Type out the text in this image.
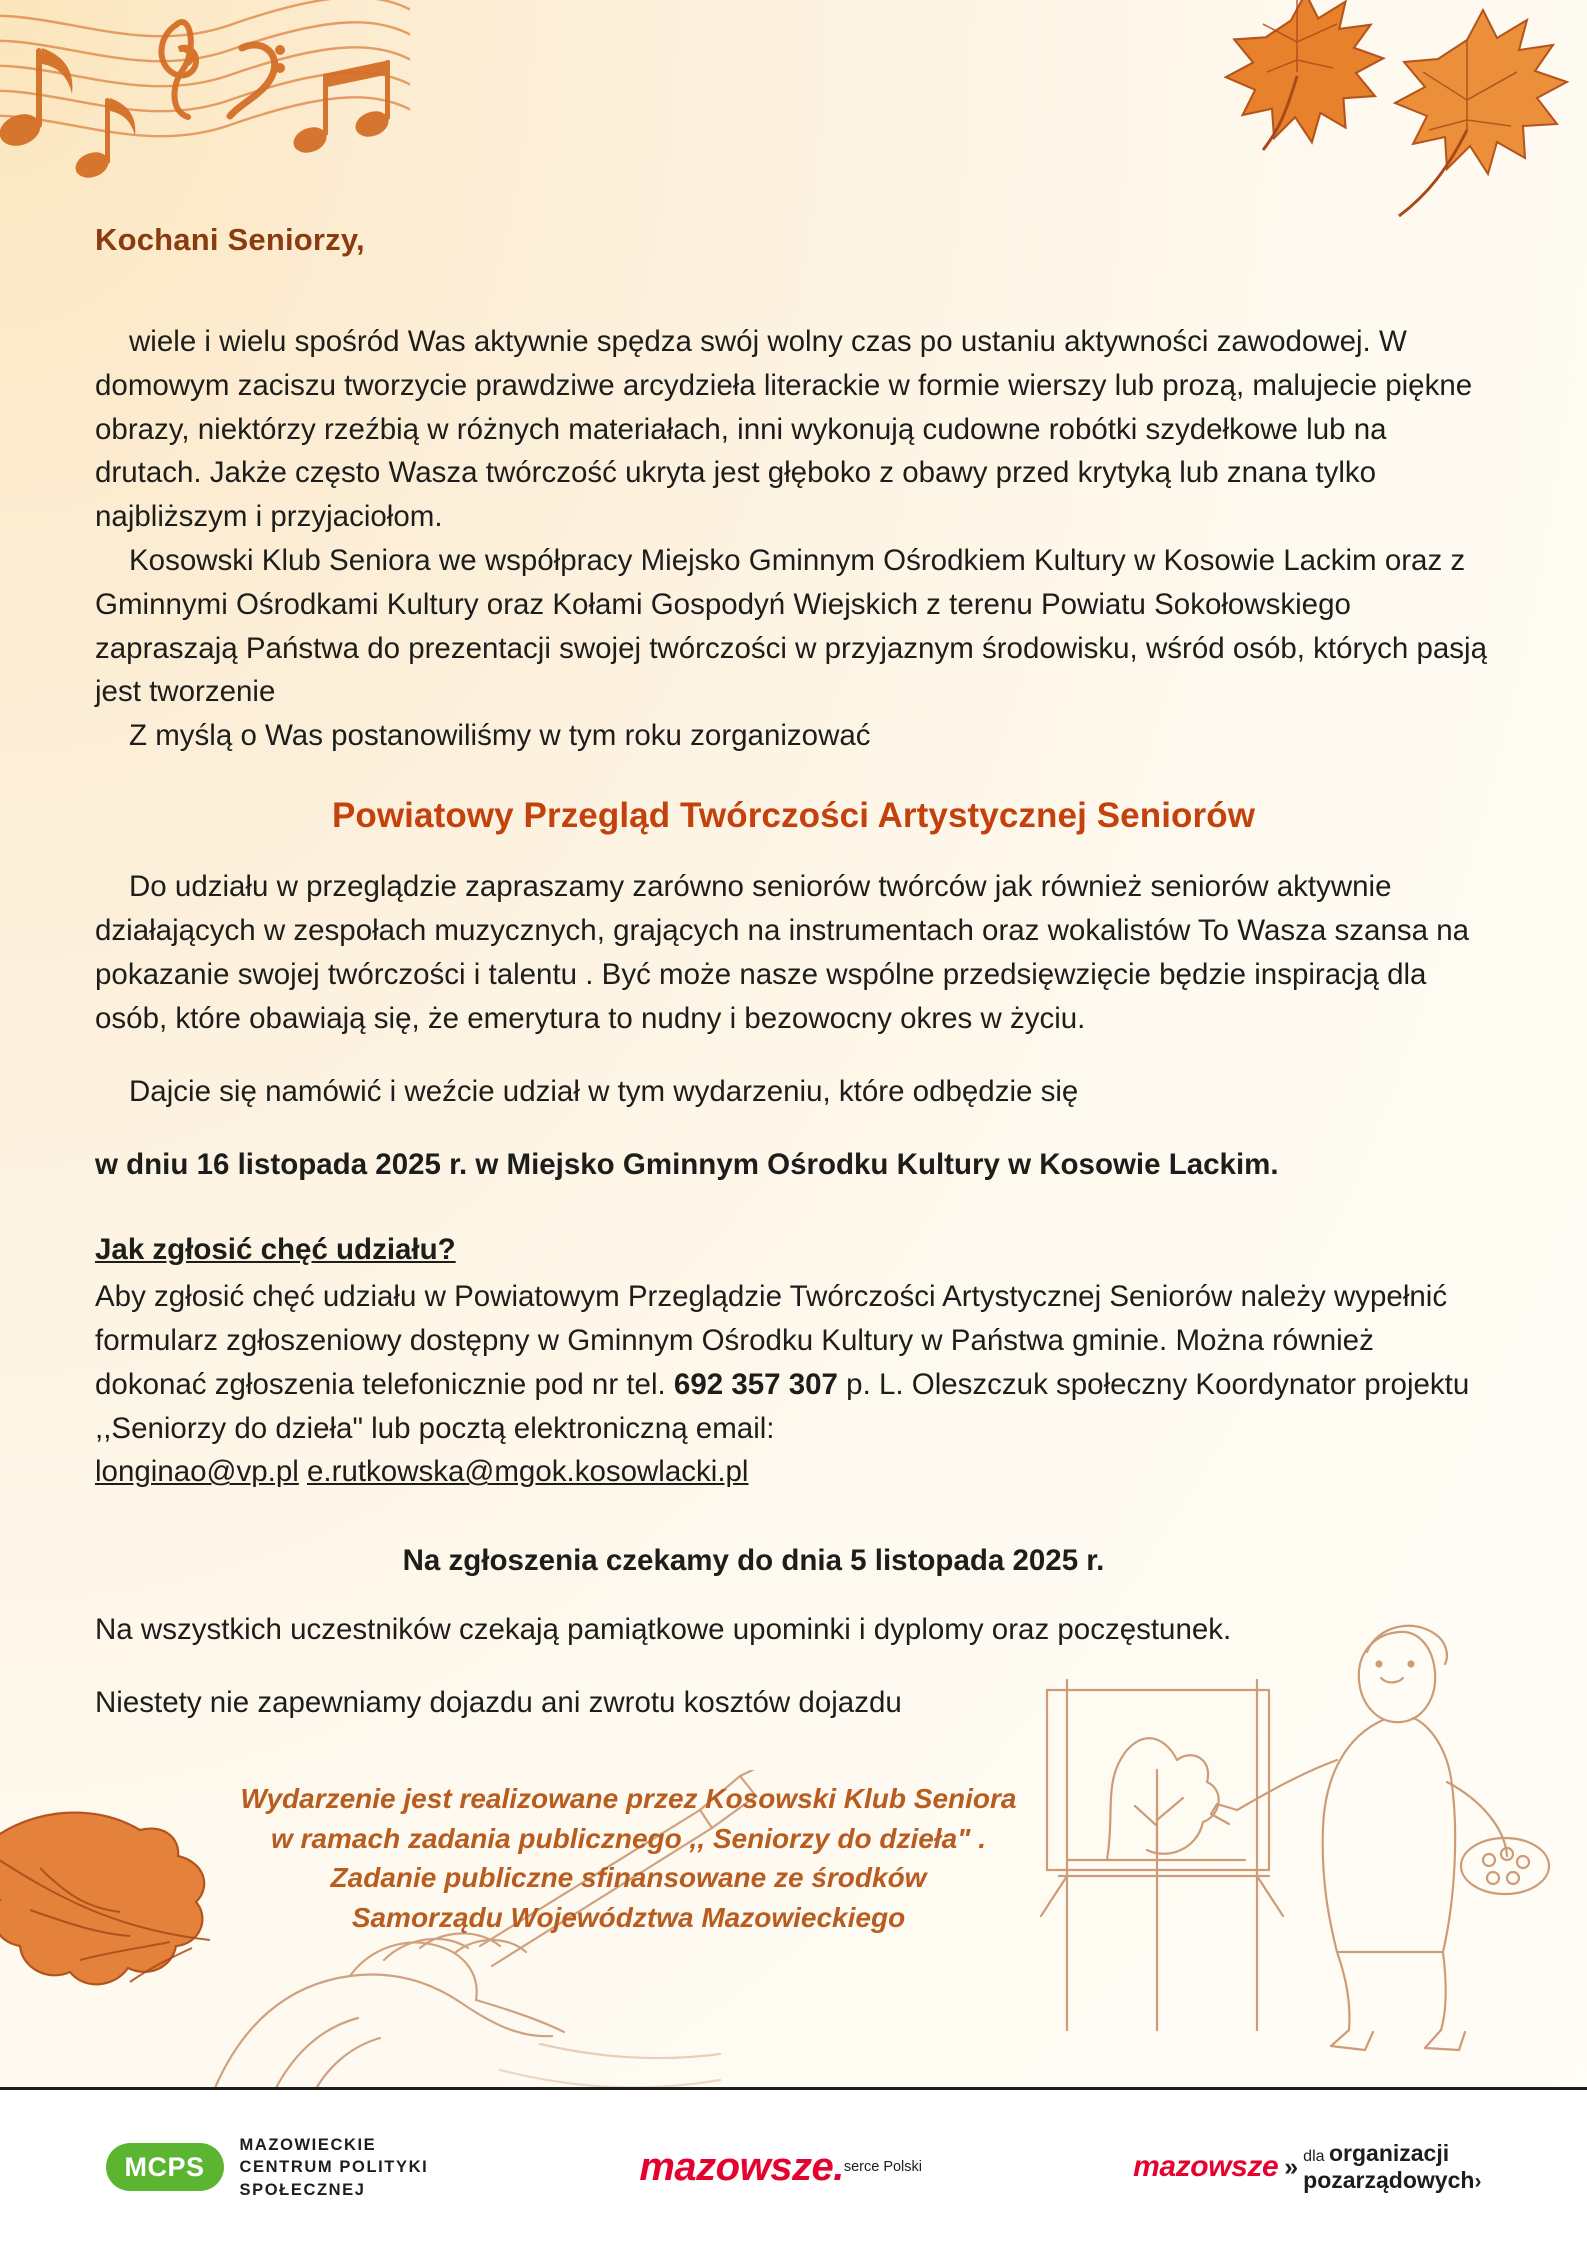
Kochani Seniorzy,

wiele i wielu spośród Was aktywnie spędza swój wolny czas po ustaniu aktywności zawodowej. W domowym zaciszu tworzycie prawdziwe arcydzieła literackie w formie wierszy lub prozą, malujecie piękne obrazy, niektórzy rzeźbią w różnych materiałach, inni wykonują cudowne robótki szydełkowe lub na drutach. Jakże często Wasza twórczość ukryta jest głęboko z obawy przed krytyką lub znana tylko najbliższym i przyjaciołom.

Kosowski Klub Seniora we współpracy Miejsko Gminnym Ośrodkiem Kultury w Kosowie Lackim oraz z Gminnymi Ośrodkami Kultury oraz Kołami Gospodyń Wiejskich z terenu Powiatu Sokołowskiego zapraszają Państwa do prezentacji swojej twórczości w przyjaznym środowisku, wśród osób, których pasją jest tworzenie

Z myślą o Was postanowiliśmy w tym roku zorganizować

Powiatowy Przegląd Twórczości Artystycznej Seniorów

Do udziału w przeglądzie zapraszamy zarówno seniorów twórców jak również seniorów aktywnie działających w zespołach muzycznych, grających na instrumentach oraz wokalistów To Wasza szansa na pokazanie swojej twórczości i talentu . Być może nasze wspólne przedsięwzięcie będzie inspiracją dla osób, które obawiają się, że emerytura to nudny i bezowocny okres w życiu.

Dajcie się namówić i weźcie udział w tym wydarzeniu, które odbędzie się

w dniu 16 listopada 2025 r. w Miejsko Gminnym Ośrodku Kultury w Kosowie Lackim.

Jak zgłosić chęć udziału?
Aby zgłosić chęć udziału w Powiatowym Przeglądzie Twórczości Artystycznej Seniorów należy wypełnić formularz zgłoszeniowy dostępny w Gminnym Ośrodku Kultury w Państwa gminie. Można również dokonać zgłoszenia telefonicznie pod nr tel. 692 357 307 p. L. Oleszczuk społeczny Koordynator projektu ,,Seniorzy do dzieła" lub pocztą elektroniczną email:
longinao@vp.pl e.rutkowska@mgok.kosowlacki.pl
Na zgłoszenia czekamy do dnia 5 listopada 2025 r.

Na wszystkich uczestników czekają pamiątkowe upominki i dyplomy oraz poczęstunek.

Niestety nie zapewniamy dojazdu ani zwrotu kosztów dojazdu

Wydarzenie jest realizowane przez Kosowski Klub Seniora
w ramach zadania publicznego ,, Seniorzy do dzieła" .
Zadanie publiczne sfinansowane ze środków
Samorządu Województwa Mazowieckiego
MCPS
MAZOWIECKIE
CENTRUM POLITYKI
SPOŁECZNEJ
mazowsze. serce Polski	mazowsze » dla organizacji
pozarządowych›
